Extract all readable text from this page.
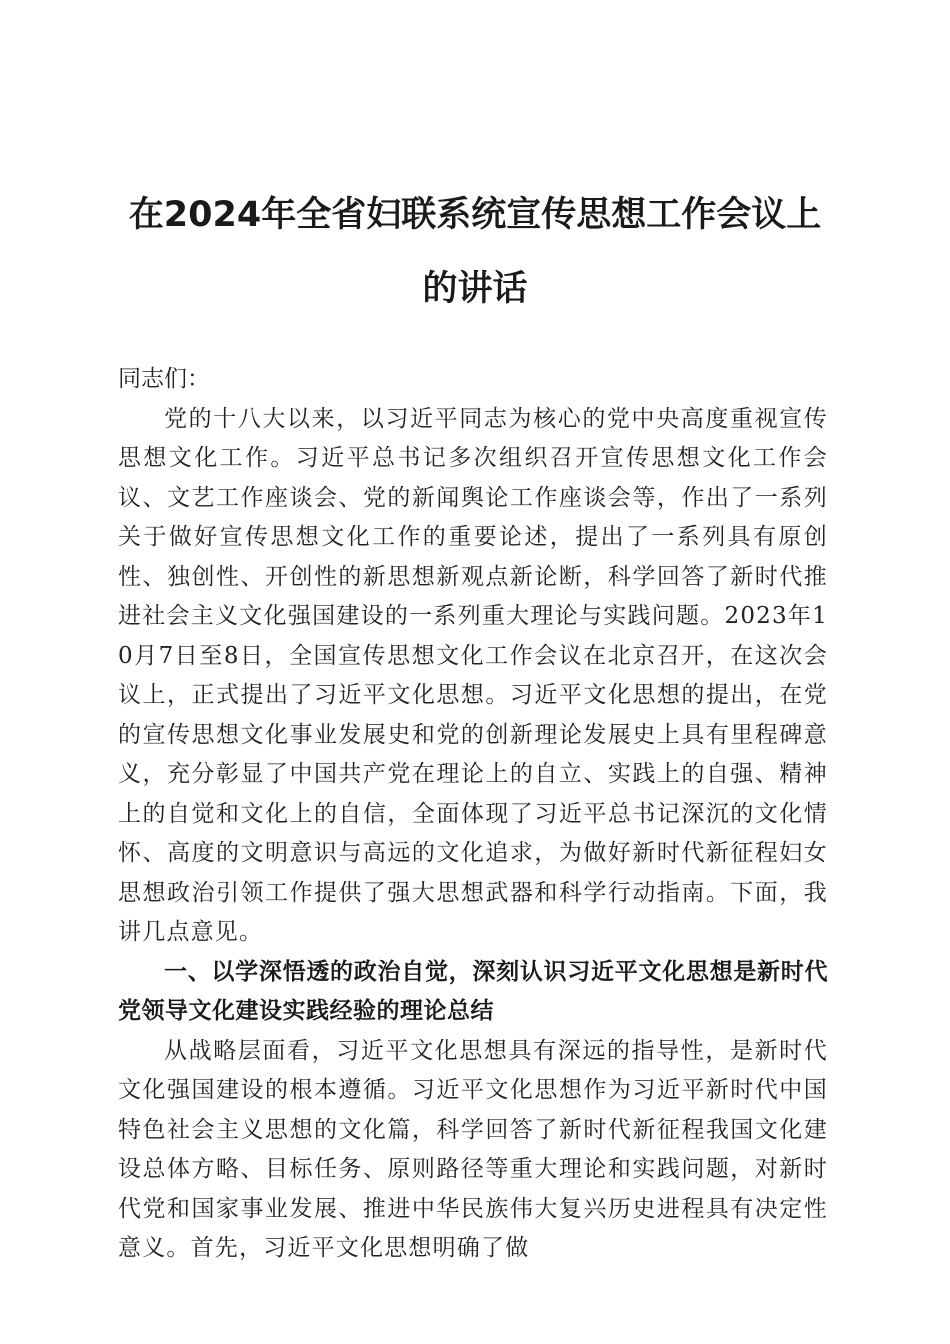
在2024年全省妇联系统宣传思想工作会议上
的讲话

同志们：

党的十八大以来，以习近平同志为核心的党中央高度重视宣传思想文化工作。习近平总书记多次组织召开宣传思想文化工作会议、文艺工作座谈会、党的新闻舆论工作座谈会等，作出了一系列关于做好宣传思想文化工作的重要论述，提出了一系列具有原创性、独创性、开创性的新思想新观点新论断，科学回答了新时代推进社会主义文化强国建设的一系列重大理论与实践问题。2023年10月7日至8日，全国宣传思想文化工作会议在北京召开，在这次会议上，正式提出了习近平文化思想。习近平文化思想的提出，在党的宣传思想文化事业发展史和党的创新理论发展史上具有里程碑意义，充分彰显了中国共产党在理论上的自立、实践上的自强、精神上的自觉和文化上的自信，全面体现了习近平总书记深沉的文化情怀、高度的文明意识与高远的文化追求，为做好新时代新征程妇女思想政治引领工作提供了强大思想武器和科学行动指南。下面，我讲几点意见。

一、以学深悟透的政治自觉，深刻认识习近平文化思想是新时代党领导文化建设实践经验的理论总结

从战略层面看，习近平文化思想具有深远的指导性，是新时代文化强国建设的根本遵循。习近平文化思想作为习近平新时代中国特色社会主义思想的文化篇，科学回答了新时代新征程我国文化建设总体方略、目标任务、原则路径等重大理论和实践问题，对新时代党和国家事业发展、推进中华民族伟大复兴历史进程具有决定性意义。首先，习近平文化思想明确了做
